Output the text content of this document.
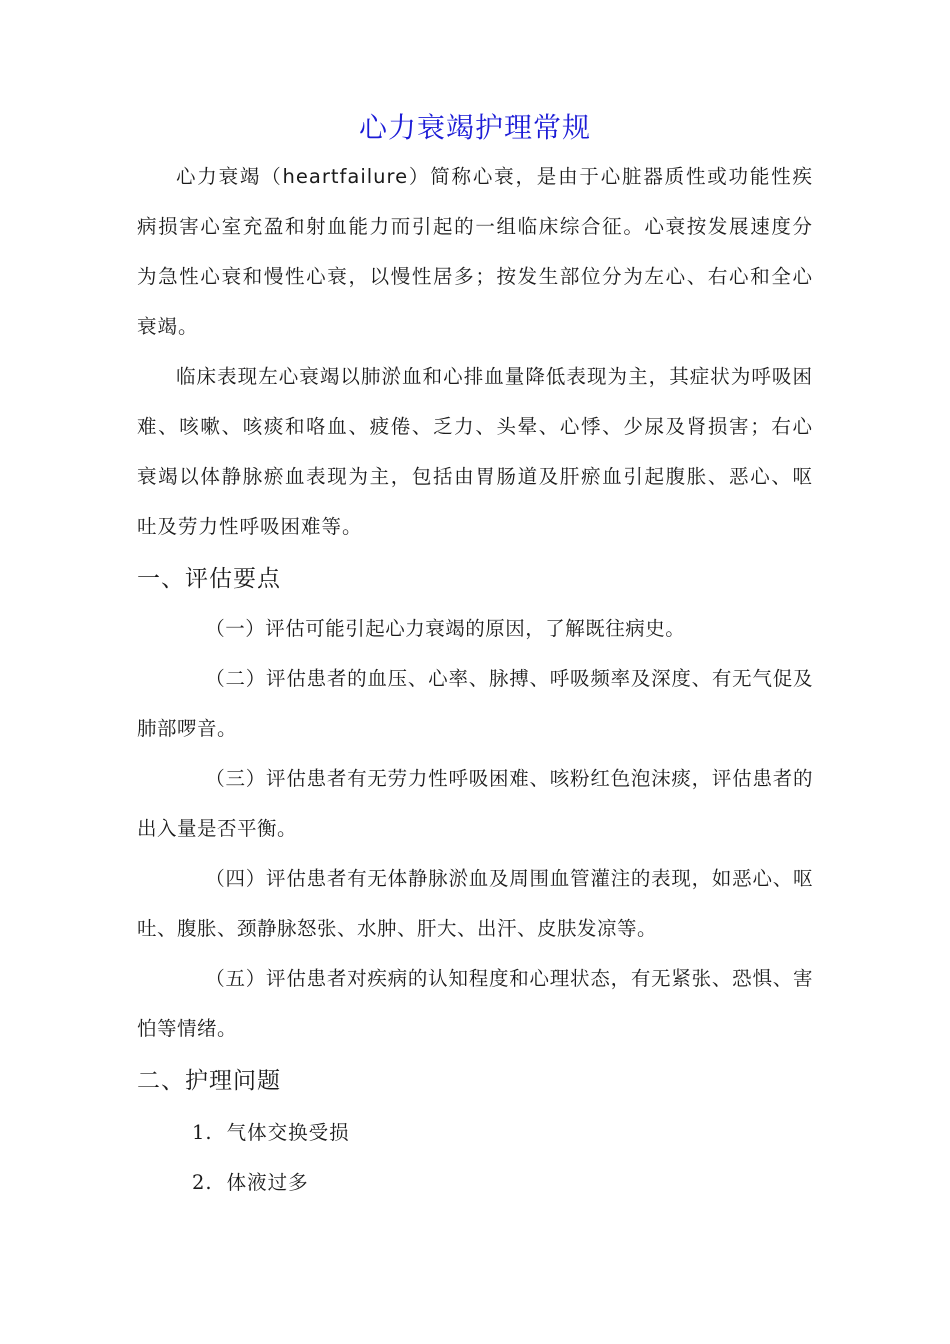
心力衰竭护理常规

心力衰竭（heartfailure）简称心衰，是由于心脏器质性或功能性疾病损害心室充盈和射血能力而引起的一组临床综合征。心衰按发展速度分为急性心衰和慢性心衰，以慢性居多；按发生部位分为左心、右心和全心衰竭。

临床表现左心衰竭以肺淤血和心排血量降低表现为主，其症状为呼吸困难、咳嗽、咳痰和咯血、疲倦、乏力、头晕、心悸、少尿及肾损害；右心衰竭以体静脉瘀血表现为主，包括由胃肠道及肝瘀血引起腹胀、恶心、呕吐及劳力性呼吸困难等。

一、评估要点

（一）评估可能引起心力衰竭的原因，了解既往病史。

（二）评估患者的血压、心率、脉搏、呼吸频率及深度、有无气促及肺部啰音。

（三）评估患者有无劳力性呼吸困难、咳粉红色泡沫痰，评估患者的出入量是否平衡。

（四）评估患者有无体静脉淤血及周围血管灌注的表现，如恶心、呕吐、腹胀、颈静脉怒张、水肿、肝大、出汗、皮肤发凉等。

（五）评估患者对疾病的认知程度和心理状态，有无紧张、恐惧、害怕等情绪。

二、护理问题
1. 气体交换受损
2. 体液过多
